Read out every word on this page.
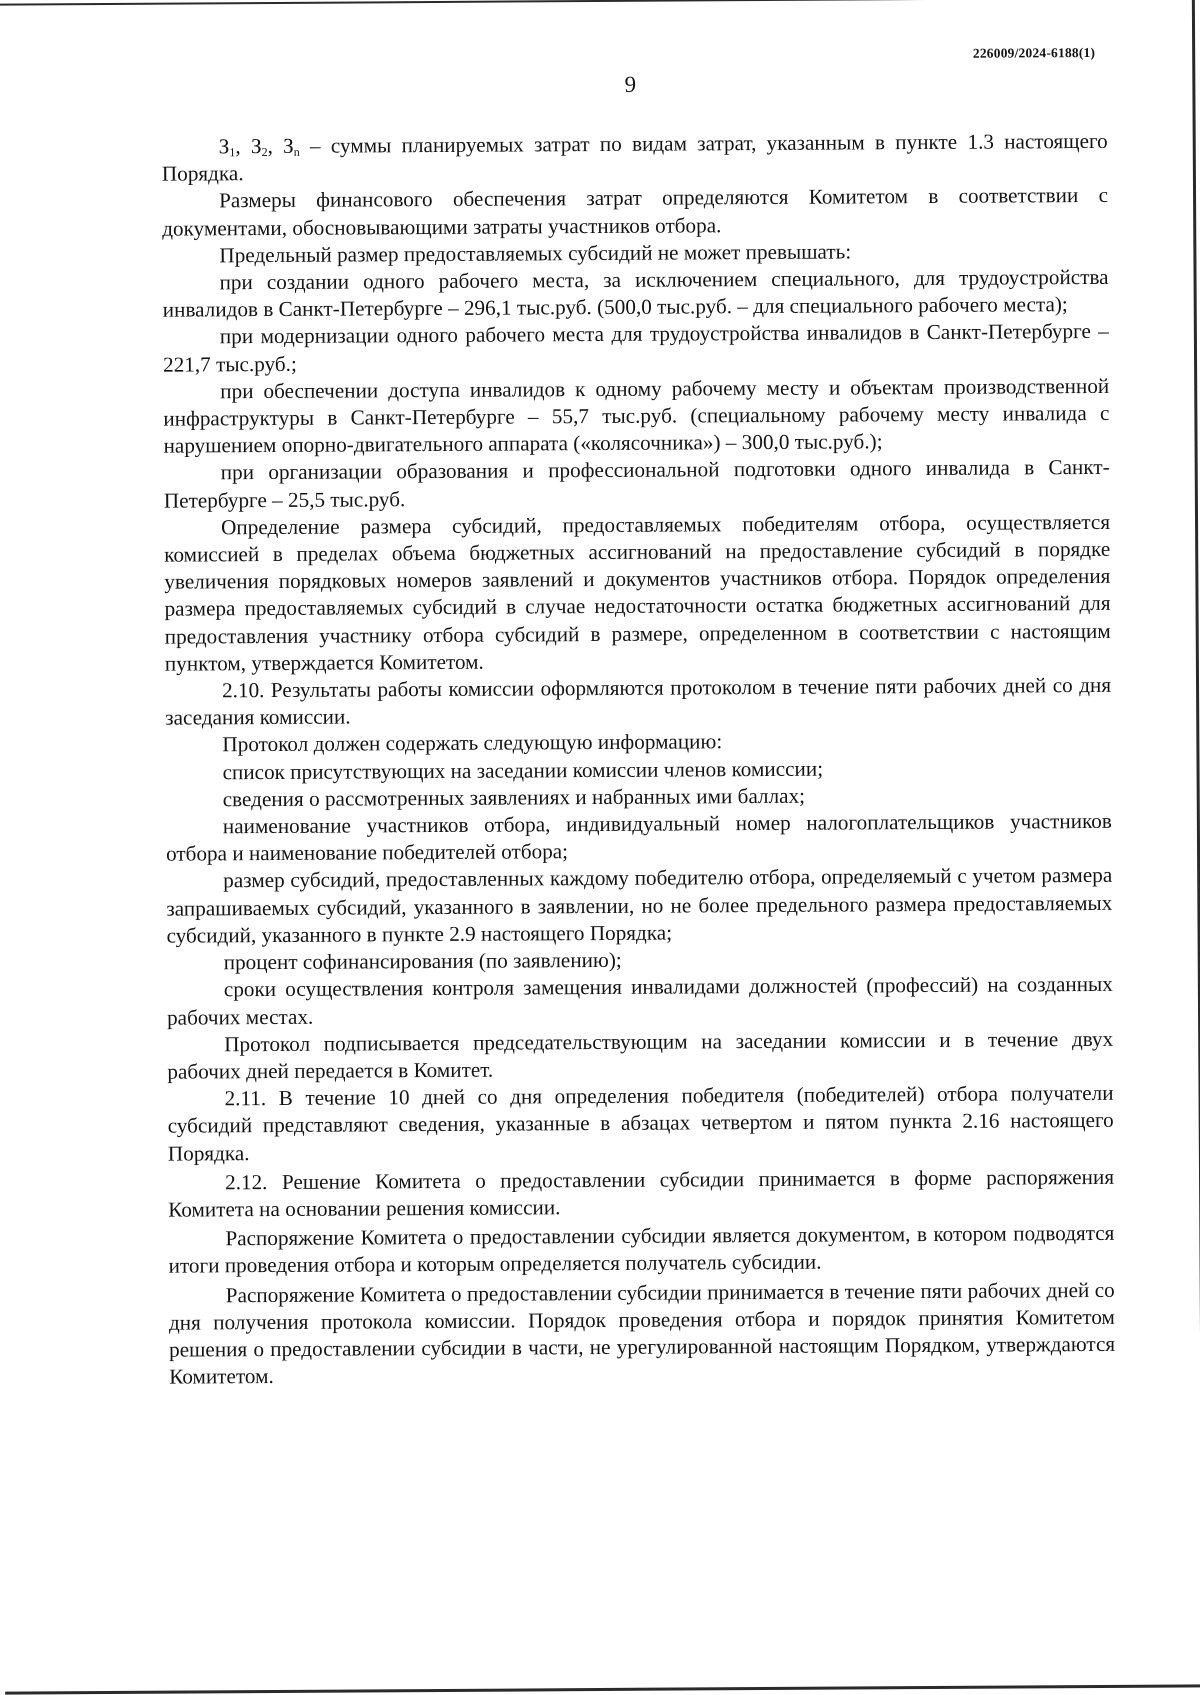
226009/2024-6188(1)
9

$З_1$, $З_2$, $З_n$ – суммы планируемых затрат по видам затрат, указанным в пункте 1.3 настоящего Порядка.

Размеры финансового обеспечения затрат определяются Комитетом в соответствии с документами, обосновывающими затраты участников отбора.

Предельный размер предоставляемых субсидий не может превышать:

при создании одного рабочего места, за исключением специального, для трудоустройства инвалидов в Санкт-Петербурге – 296,1 тыс.руб. (500,0 тыс.руб. – для специального рабочего места);

при модернизации одного рабочего места для трудоустройства инвалидов в Санкт-Петербурге – 221,7 тыс.руб.;

при обеспечении доступа инвалидов к одному рабочему месту и объектам производственной инфраструктуры в Санкт-Петербурге – 55,7 тыс.руб. (специальному рабочему месту инвалида с нарушением опорно-двигательного аппарата («колясочника») – 300,0 тыс.руб.);

при организации образования и профессиональной подготовки одного инвалида в Санкт-Петербурге – 25,5 тыс.руб.

Определение размера субсидий, предоставляемых победителям отбора, осуществляется комиссией в пределах объема бюджетных ассигнований на предоставление субсидий в порядке увеличения порядковых номеров заявлений и документов участников отбора. Порядок определения размера предоставляемых субсидий в случае недостаточности остатка бюджетных ассигнований для предоставления участнику отбора субсидий в размере, определенном в соответствии с настоящим пунктом, утверждается Комитетом.

2.10. Результаты работы комиссии оформляются протоколом в течение пяти рабочих дней со дня заседания комиссии.

Протокол должен содержать следующую информацию:

список присутствующих на заседании комиссии членов комиссии;

сведения о рассмотренных заявлениях и набранных ими баллах;

наименование участников отбора, индивидуальный номер налогоплательщиков участников отбора и наименование победителей отбора;

размер субсидий, предоставленных каждому победителю отбора, определяемый с учетом размера запрашиваемых субсидий, указанного в заявлении, но не более предельного размера предоставляемых субсидий, указанного в пункте 2.9 настоящего Порядка;

процент софинансирования (по заявлению);

сроки осуществления контроля замещения инвалидами должностей (профессий) на созданных рабочих местах.

Протокол подписывается председательствующим на заседании комиссии и в течение двух рабочих дней передается в Комитет.

2.11. В течение 10 дней со дня определения победителя (победителей) отбора получатели субсидий представляют сведения, указанные в абзацах четвертом и пятом пункта 2.16 настоящего Порядка.

2.12. Решение Комитета о предоставлении субсидии принимается в форме распоряжения Комитета на основании решения комиссии.

Распоряжение Комитета о предоставлении субсидии является документом, в котором подводятся итоги проведения отбора и которым определяется получатель субсидии.

Распоряжение Комитета о предоставлении субсидии принимается в течение пяти рабочих дней со дня получения протокола комиссии. Порядок проведения отбора и порядок принятия Комитетом решения о предоставлении субсидии в части, не урегулированной настоящим Порядком, утверждаются Комитетом.
